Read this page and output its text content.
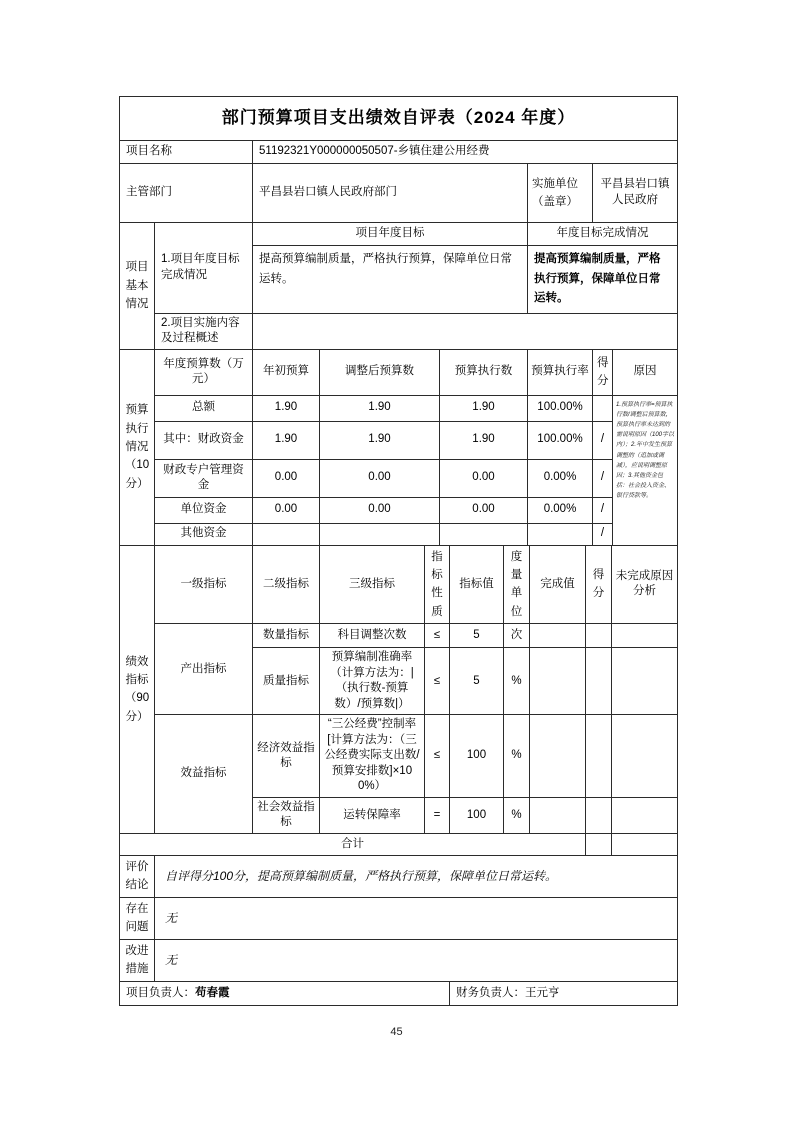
部门预算项目支出绩效自评表（2024 年度）				
项目名称		51192321Y000000050507-乡镇住建公用经费		
主管部门		平昌县岩口镇人民政府部门	实施单位（盖章）	平昌县岩口镇人民政府
项目基本情况	1.项目年度目标完成情况	项目年度目标	年度目标完成情况	
		提高预算编制质量，严格执行预算，保障单位日常运转。	提高预算编制质量，严格执行预算，保障单位日常运转。	
	2.项目实施内容及过程概述			
预算执行情况（10分）	年度预算数（万元）	年初预算	调整后预算数	预算执行数	预算执行率	得分	原因
	总额	1.90	1.90	1.90	100.00%		1.预算执行率=预算执行数/调整后预算数，预算执行率未达到的需说明原因（100字以内）；2.年中发生预算调整的（追加或调减），应说明调整原因；3.其他资金包括：社会投入资金、银行贷款等。
	其中：财政资金	1.90	1.90	1.90	100.00%	/	
	财政专户管理资金	0.00	0.00	0.00	0.00%	/	
	单位资金	0.00	0.00	0.00	0.00%	/	
	其他资金					/	
绩效指标（90分）	一级指标	二级指标	三级指标	指标性质	指标值	度量单位	完成值	得分	未完成原因分析
	产出指标	数量指标	科目调整次数	≤	5	次			
		质量指标	预算编制准确率（计算方法为：|（执行数-预算数）/预算数|）	≤	5	%			
	效益指标	经济效益指标	“三公经费”控制率[计算方法为：（三公经费实际支出数/预算安排数]×100%）	≤	100	%			
		社会效益指标	运转保障率	=	100	%			
合计									
评价结论	自评得分100分，提高预算编制质量，严格执行预算，保障单位日常运转。	
存在问题	无	
改进措施	无	
项目负责人：苟春霞		财务负责人：王元亨
45
